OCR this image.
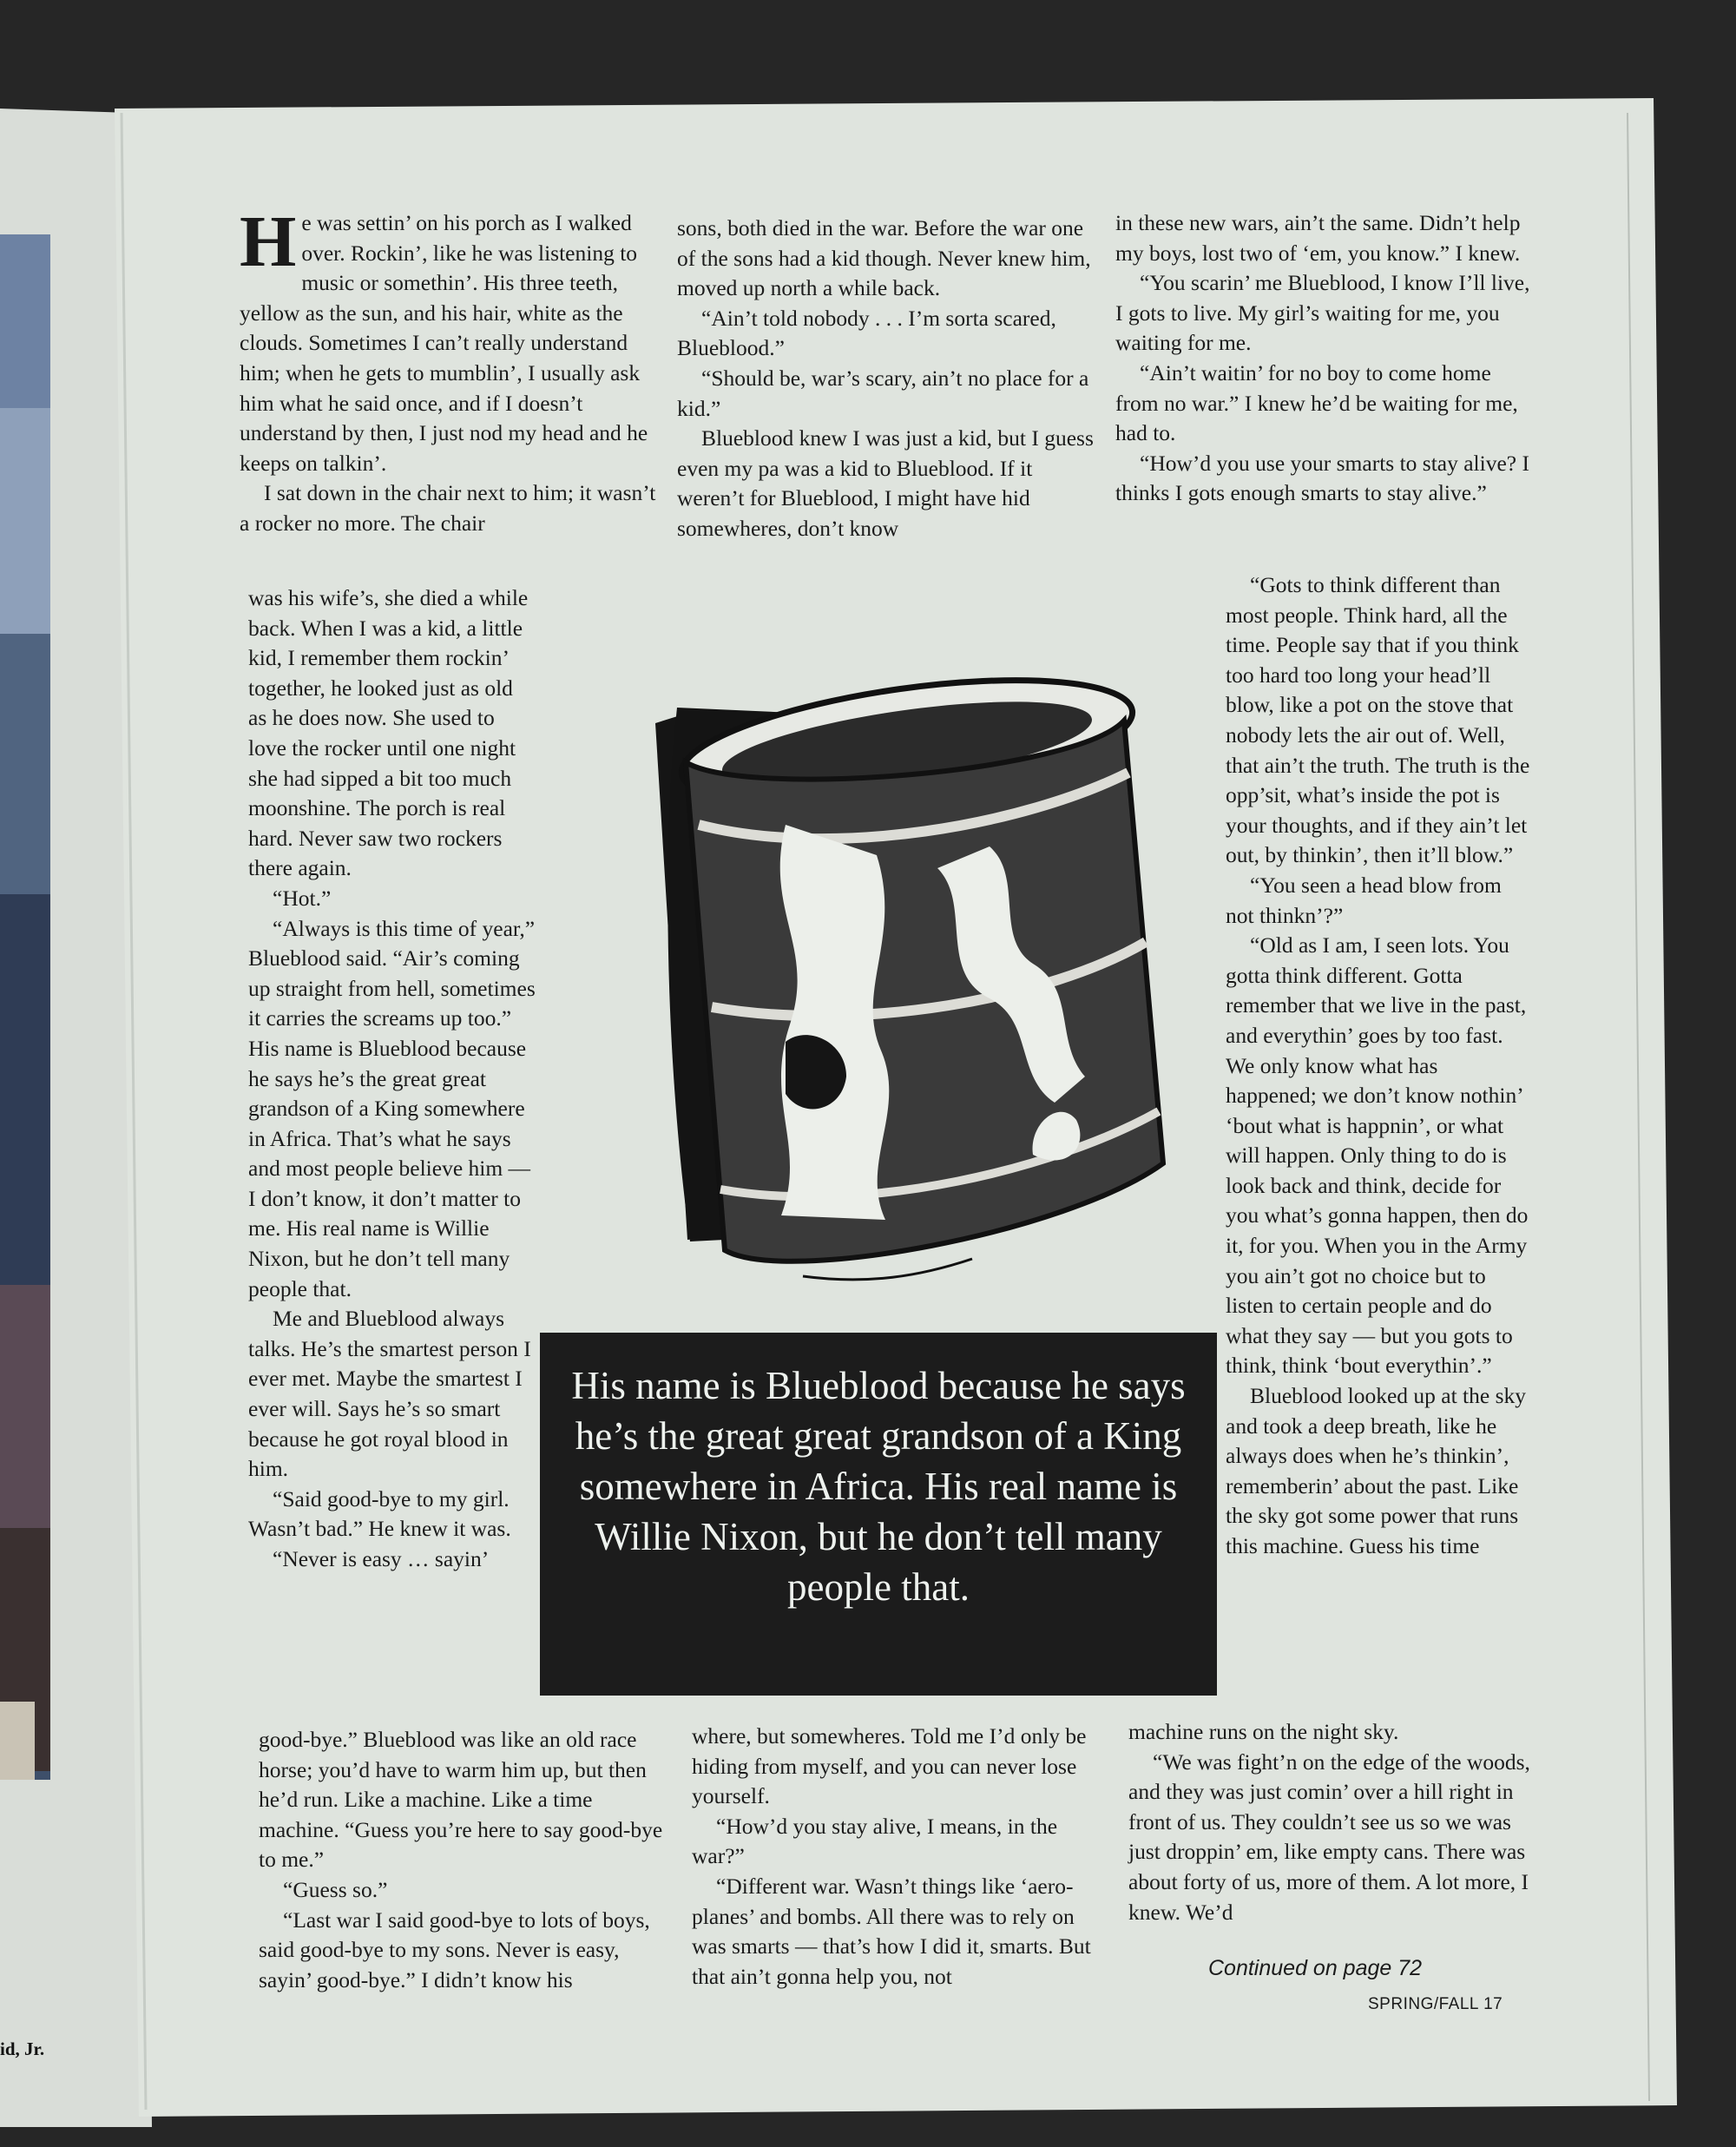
He was settin’ on his porch as I walked over. Rockin’, like he was listening to music or somethin’. His three teeth, yellow as the sun, and his hair, white as the clouds. Sometimes I can’t really understand him; when he gets to mumblin’, I usually ask him what he said once, and if I doesn’t understand by then, I just nod my head and he keeps on talkin’.

I sat down in the chair next to him; it wasn’t a rocker no more. The chair

was his wife’s, she died a while back. When I was a kid, a little kid, I remember them rockin’ together, he looked just as old as he does now. She used to love the rocker until one night she had sipped a bit too much moonshine. The porch is real hard. Never saw two rockers there again.

“Hot.”

“Always is this time of year,” Blueblood said. “Air’s coming up straight from hell, sometimes it carries the screams up too.” His name is Blueblood because he says he’s the great great grandson of a King somewhere in Africa. That’s what he says and most people believe him — I don’t know, it don’t matter to me. His real name is Willie Nixon, but he don’t tell many people that.

Me and Blueblood always talks. He’s the smartest person I ever met. Maybe the smartest I ever will. Says he’s so smart because he got royal blood in him.

“Said good-bye to my girl. Wasn’t bad.” He knew it was.

“Never is easy … sayin’

good-bye.” Blueblood was like an old race horse; you’d have to warm him up, but then he’d run. Like a machine. Like a time machine. “Guess you’re here to say good-bye to me.”

“Guess so.”

“Last war I said good-bye to lots of boys, said good-bye to my sons. Never is easy, sayin’ good-bye.” I didn’t know his

sons, both died in the war. Before the war one of the sons had a kid though. Never knew him, moved up north a while back.

“Ain’t told nobody . . . I’m sorta scared, Blueblood.”

“Should be, war’s scary, ain’t no place for a kid.”

Blueblood knew I was just a kid, but I guess even my pa was a kid to Blueblood. If it weren’t for Blueblood, I might have hid somewheres, don’t know

where, but somewheres. Told me I’d only be hiding from myself, and you can never lose yourself.

“How’d you stay alive, I means, in the war?”

“Different war. Wasn’t things like ‘aero-planes’ and bombs. All there was to rely on was smarts — that’s how I did it, smarts. But that ain’t gonna help you, not

in these new wars, ain’t the same. Didn’t help my boys, lost two of ‘em, you know.” I knew.

“You scarin’ me Blueblood, I know I’ll live, I gots to live. My girl’s waiting for me, you waiting for me.

“Ain’t waitin’ for no boy to come home from no war.” I knew he’d be waiting for me, had to.

“How’d you use your smarts to stay alive? I thinks I gots enough smarts to stay alive.”

“Gots to think different than most people. Think hard, all the time. People say that if you think too hard too long your head’ll blow, like a pot on the stove that nobody lets the air out of. Well, that ain’t the truth. The truth is the opp’sit, what’s inside the pot is your thoughts, and if they ain’t let out, by thinkin’, then it’ll blow.”

“You seen a head blow from not thinkn’?”

“Old as I am, I seen lots. You gotta think different. Gotta remember that we live in the past, and everythin’ goes by too fast. We only know what has happened; we don’t know nothin’ ‘bout what is happnin’, or what will happen. Only thing to do is look back and think, decide for you what’s gonna happen, then do it, for you. When you in the Army you ain’t got no choice but to listen to certain people and do what they say — but you gots to think, think ‘bout everythin’.”

Blueblood looked up at the sky and took a deep breath, like he always does when he’s thinkin’, rememberin’ about the past. Like the sky got some power that runs this machine. Guess his time

machine runs on the night sky.

“We was fight’n on the edge of the woods, and they was just comin’ over a hill right in front of us. They couldn’t see us so we was just droppin’ em, like empty cans. There was about forty of us, more of them. A lot more, I knew. We’d

His name is Blueblood because he says he’s the great great grandson of a King somewhere in Africa. His real name is Willie Nixon, but he don’t tell many people that.
Continued on page 72
SPRING/FALL 17
id, Jr.
